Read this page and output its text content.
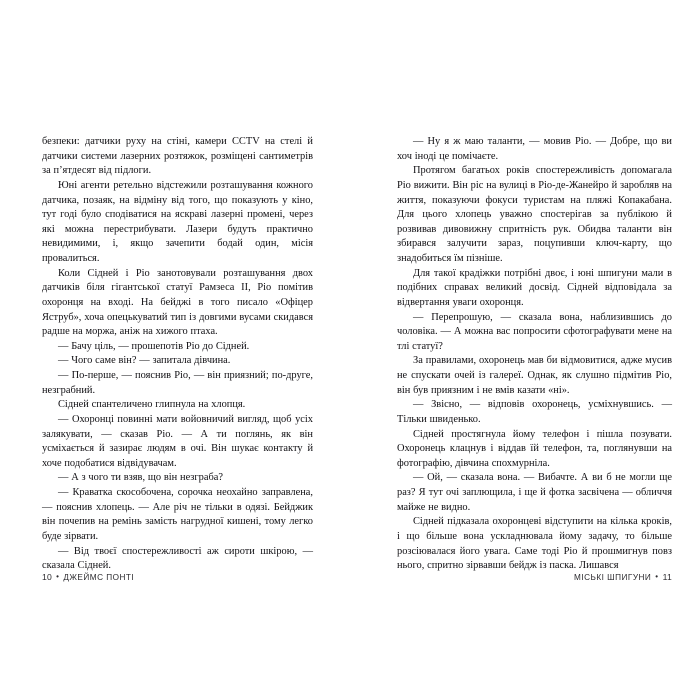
безпеки: датчики руху на стіні, камери CCTV на стелі й датчики системи лазерних розтяжок, розміщені сантиметрів за п’ятдесят від підлоги.

Юні агенти ретельно відстежили розташування кожного датчика, позаяк, на відміну від того, що показують у кіно, тут годі було сподіватися на яскраві лазерні промені, через які можна перестрибувати. Лазери будуть практично невидимими, і, якщо зачепити бодай один, місія провалиться.

Коли Сідней і Ріо занотовували розташування двох датчиків біля гігантської статуї Рамзеса II, Ріо помітив охоронця на вході. На бейджі в того писало «Офіцер Яструб», хоча опецькуватий тип із довгими вусами скидався радше на моржа, аніж на хижого птаха.

— Бачу ціль, — прошепотів Ріо до Сідней.

— Чого саме він? — запитала дівчина.

— По-перше, — пояснив Ріо, — він приязний; по-друге, незграбний.

Сідней спантеличено глипнула на хлопця.

— Охоронці повинні мати войовничий вигляд, щоб усіх залякувати, — сказав Ріо. — А ти поглянь, як він усміхається й зазирає людям в очі. Він шукає контакту й хоче подобатися відвідувачам.

— А з чого ти взяв, що він незграба?

— Краватка скособочена, сорочка неохайно заправлена, — пояснив хлопець. — Але річ не тільки в одязі. Бейджик він почепив на ремінь замість нагрудної кишені, тому легко буде зірвати.

— Від твоєї спостережливості аж сироти шкірою, — сказала Сідней.

10 • ДЖЕЙМС ПОНТІ

— Ну я ж маю таланти, — мовив Ріо. — Добре, що ви хоч іноді це помічаєте.

Протягом багатьох років спостережливість допомагала Ріо вижити. Він ріс на вулиці в Ріо-де-Жанейро й заробляв на життя, показуючи фокуси туристам на пляжі Копакабана. Для цього хлопець уважно спостерігав за публікою й розвивав дивовижну спритність рук. Обидва таланти він збирався залучити зараз, поцупивши ключ-карту, що знадобиться їм пізніше.

Для такої крадіжки потрібні двоє, і юні шпигуни мали в подібних справах великий досвід. Сідней відповідала за відвертання уваги охоронця.

— Перепрошую, — сказала вона, наблизившись до чоловіка. — А можна вас попросити сфотографувати мене на тлі статуї?

За правилами, охоронець мав би відмовитися, адже мусив не спускати очей із галереї. Однак, як слушно підмітив Ріо, він був приязним і не вмів казати «ні».

— Звісно, — відповів охоронець, усміхнувшись. — Тільки швиденько.

Сідней простягнула йому телефон і пішла позувати. Охоронець клацнув і віддав їй телефон, та, поглянувши на фотографію, дівчина спохмурніла.

— Ой, — сказала вона. — Вибачте. А ви б не могли ще раз? Я тут очі заплющила, і ще й фотка засвічена — обличчя майже не видно.

Сідней підказала охоронцеві відступити на кілька кроків, і що більше вона ускладнювала йому задачу, то більше розсіювалася його увага. Саме тоді Ріо й прошмигнув повз нього, спритно зірвавши бейдж із паска. Лишався

МІСЬКІ ШПИГУНИ • 11
